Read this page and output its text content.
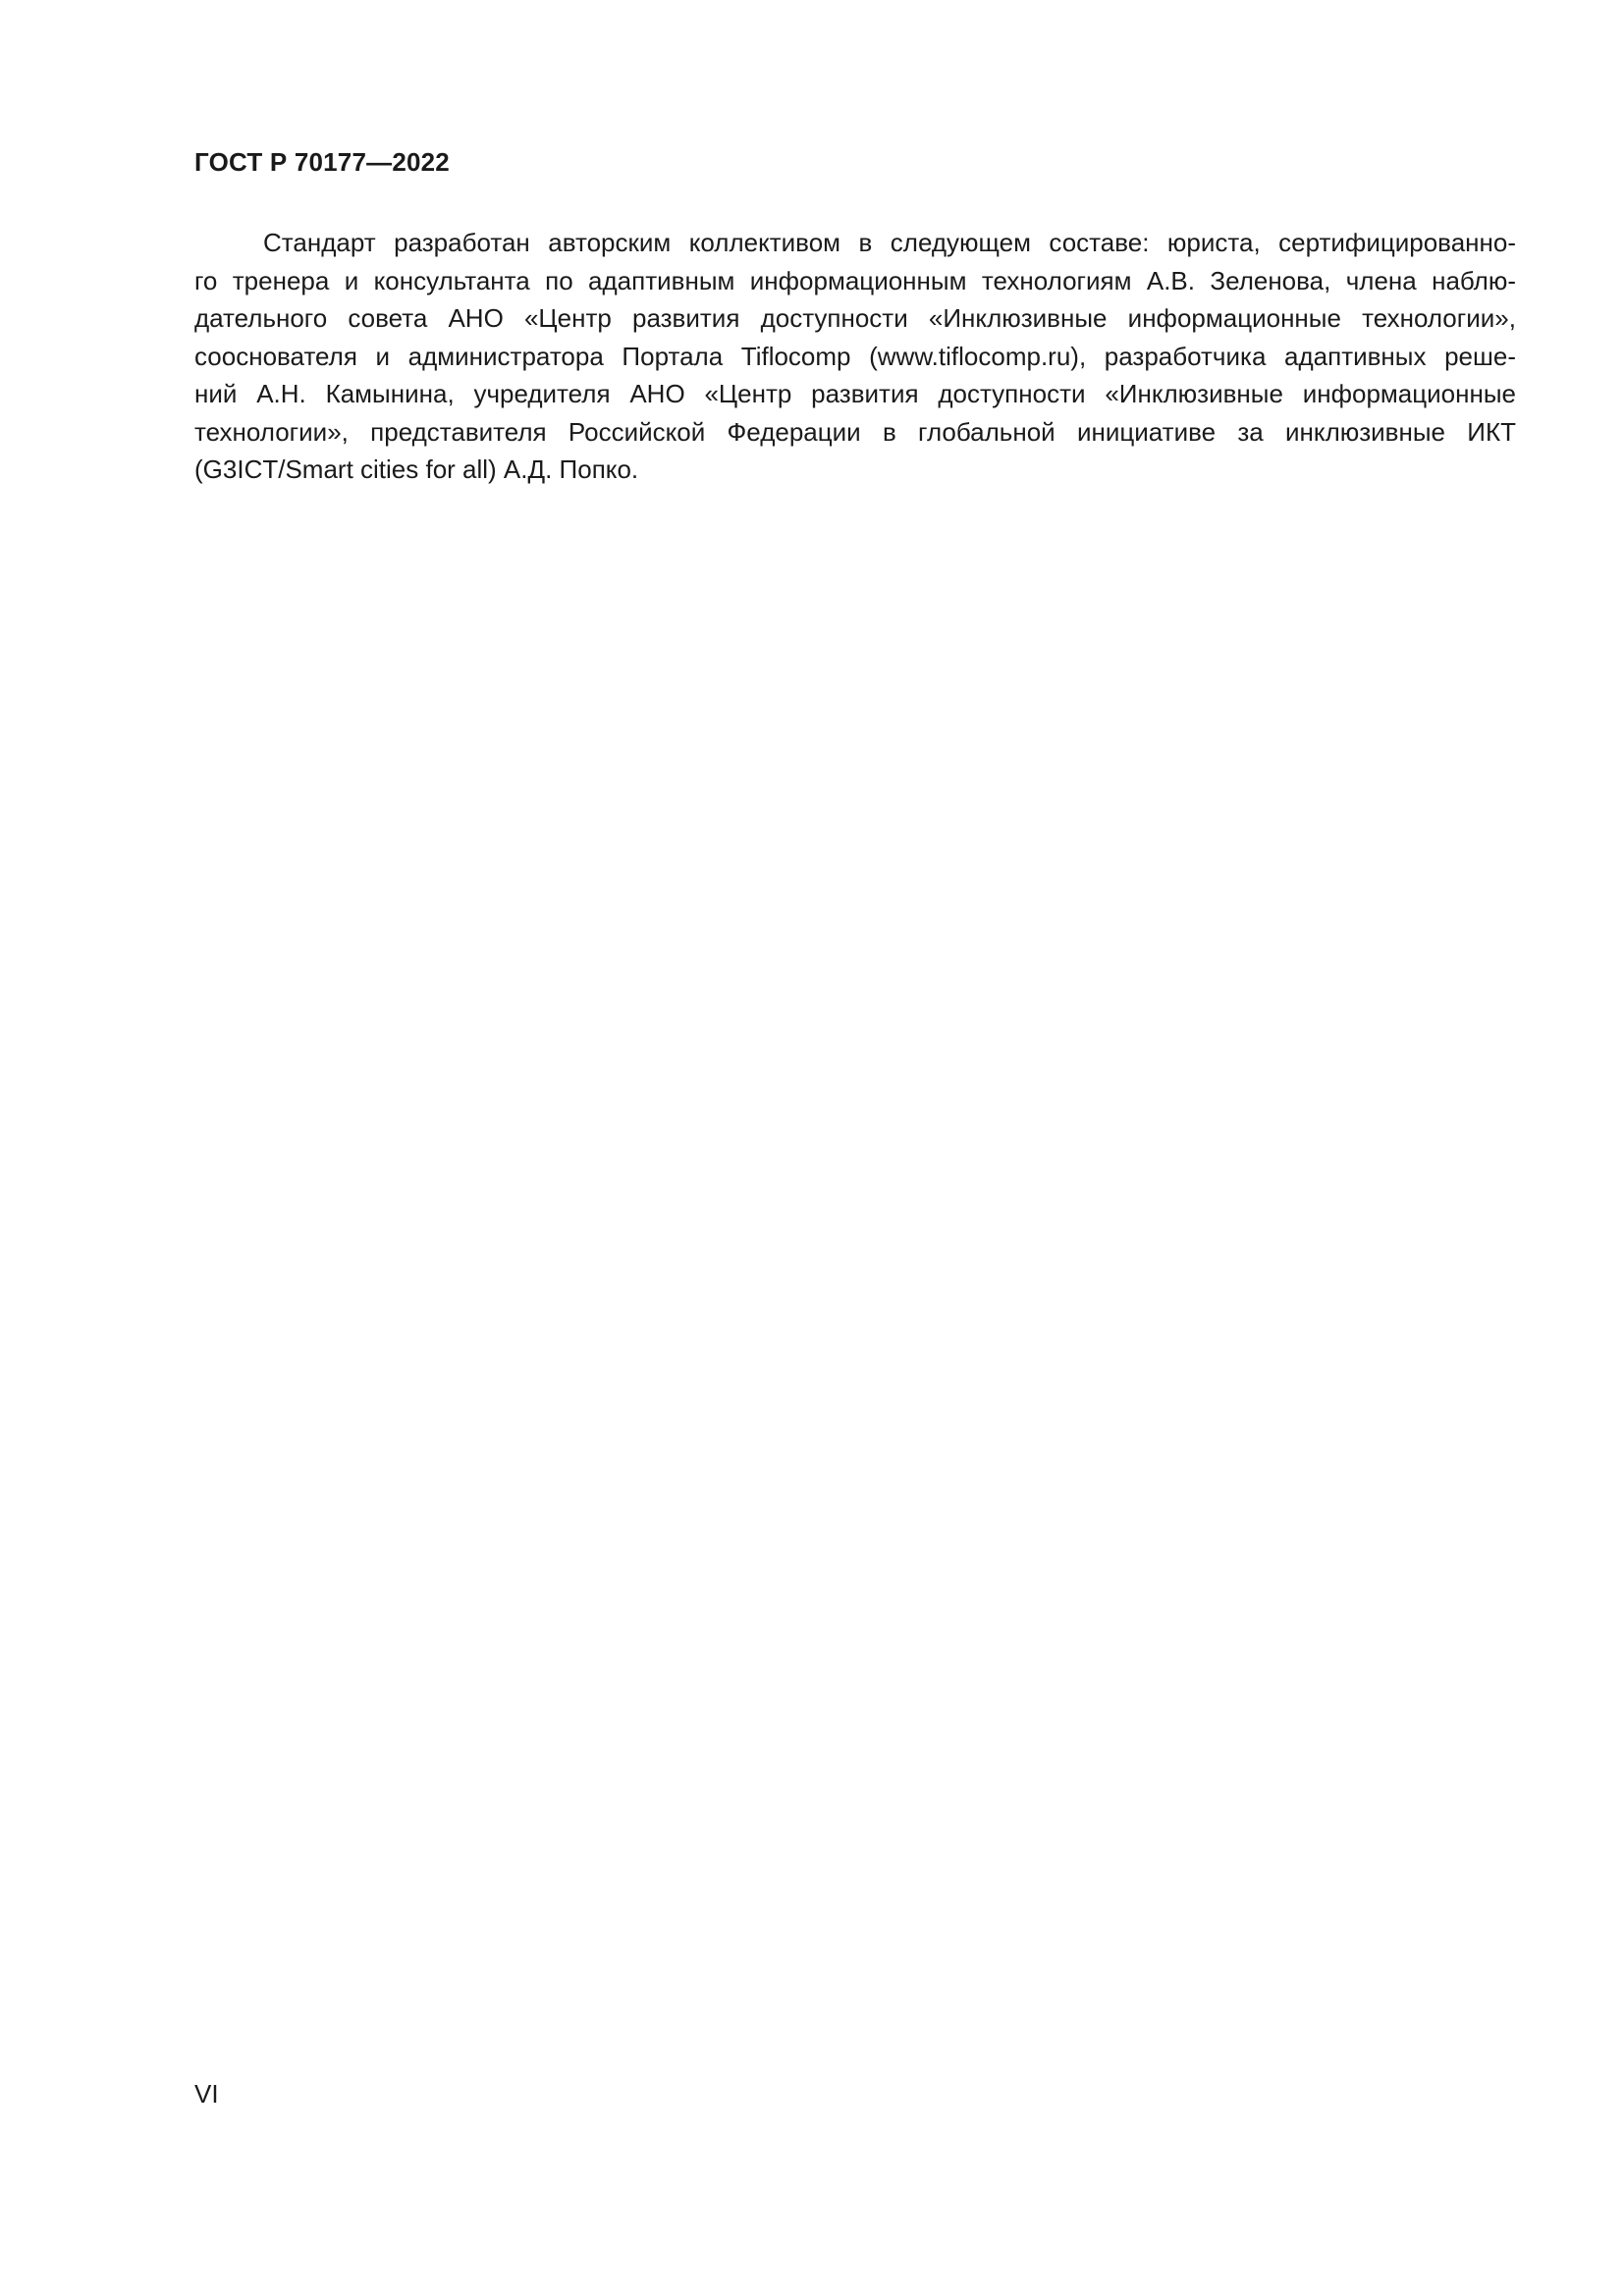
ГОСТ Р 70177—2022

Стандарт разработан авторским коллективом в следующем составе: юриста, сертифицированно-
го тренера и консультанта по адаптивным информационным технологиям А.В. Зеленова, члена наблю-
дательного совета АНО «Центр развития доступности «Инклюзивные информационные технологии»,
сооснователя и администратора Портала Tiflocomp (www.tiflocomp.ru), разработчика адаптивных реше-
ний А.Н. Камынина, учредителя АНО «Центр развития доступности «Инклюзивные информационные
технологии», представителя Российской Федерации в глобальной инициативе за инклюзивные ИКТ
(G3ICT/Smart cities for all) А.Д. Попко.

VI
